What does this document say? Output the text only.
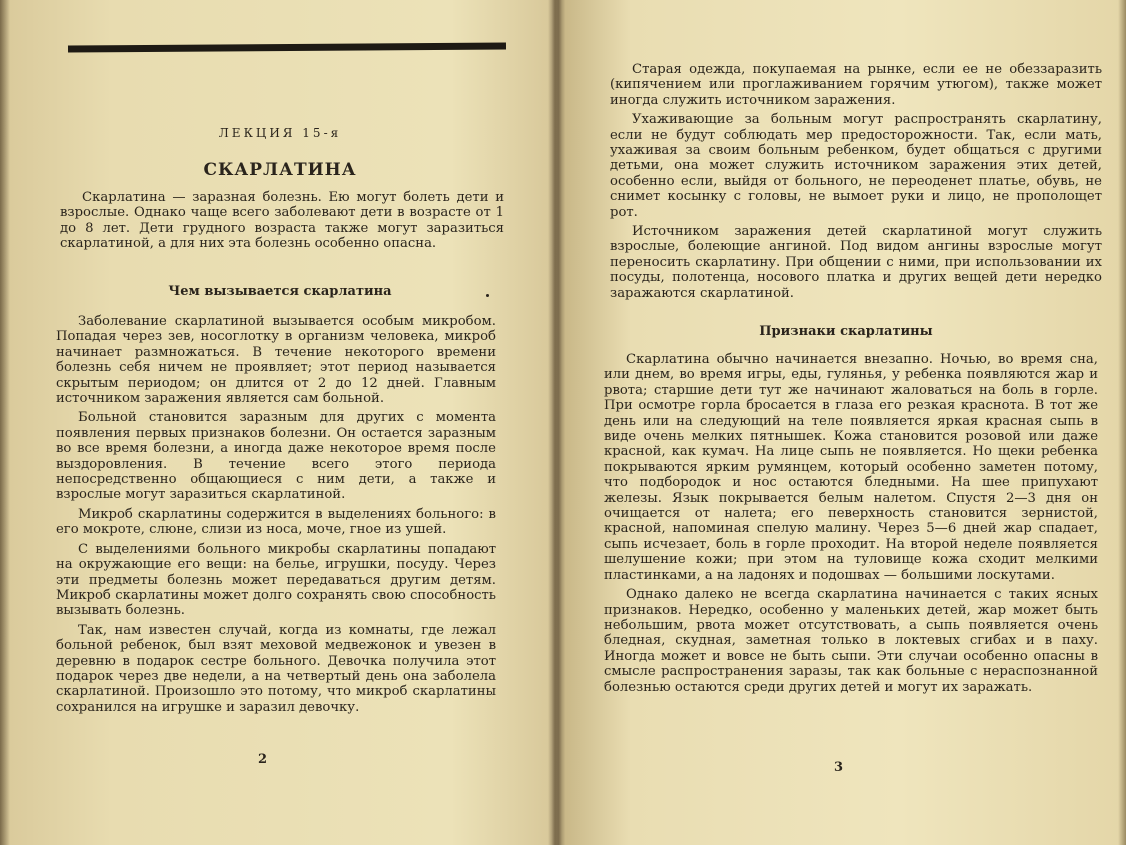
ЛЕКЦИЯ 15-я
СКАРЛАТИНА

Скарлатина — заразная болезнь. Ею могут болеть дети и взрослые. Однако чаще всего заболевают дети в возрасте от 1 до 8 лет. Дети грудного возраста также могут заразиться скарлатиной, а для них эта болезнь особенно опасна.

Чем вызывается скарлатина

Заболевание скарлатиной вызывается особым микробом. Попадая через зев, носоглотку в организм человека, микроб начинает размножаться. В течение некоторого времени болезнь себя ничем не проявляет; этот период называется скрытым периодом; он длится от 2 до 12 дней. Главным источником заражения является сам больной.

Больной становится заразным для других с момента появления первых признаков болезни. Он остается заразным во все время болезни, а иногда даже некоторое время после выздоровления. В течение всего этого периода непосредственно общающиеся с ним дети, а также и взрослые могут заразиться скарлатиной.

Микроб скарлатины содержится в выделениях больного: в его мокроте, слюне, слизи из носа, моче, гное из ушей.

С выделениями больного микробы скарлатины попадают на окружающие его вещи: на белье, игрушки, посуду. Через эти предметы болезнь может передаваться другим детям. Микроб скарлатины может долго сохранять свою способность вызывать болезнь.

Так, нам известен случай, когда из комнаты, где лежал больной ребенок, был взят меховой медвежонок и увезен в деревню в подарок сестре больного. Девочка получила этот подарок через две недели, а на четвертый день она заболела скарлатиной. Произошло это потому, что микроб скарлатины сохранился на игрушке и заразил девочку.

2

Старая одежда, покупаемая на рынке, если ее не обеззаразить (кипячением или проглаживанием горячим утюгом), также может иногда служить источником заражения.

Ухаживающие за больным могут распространять скарлатину, если не будут соблюдать мер предосторожности. Так, если мать, ухаживая за своим больным ребенком, будет общаться с другими детьми, она может служить источником заражения этих детей, особенно если, выйдя от больного, не переоденет платье, обувь, не снимет косынку с головы, не вымоет руки и лицо, не прополощет рот.

Источником заражения детей скарлатиной могут служить взрослые, болеющие ангиной. Под видом ангины взрослые могут переносить скарлатину. При общении с ними, при использовании их посуды, полотенца, носового платка и других вещей дети нередко заражаются скарлатиной.

Признаки скарлатины

Скарлатина обычно начинается внезапно. Ночью, во время сна, или днем, во время игры, еды, гулянья, у ребенка появляются жар и рвота; старшие дети тут же начинают жаловаться на боль в горле. При осмотре горла бросается в глаза его резкая краснота. В тот же день или на следующий на теле появляется яркая красная сыпь в виде очень мелких пятнышек. Кожа становится розовой или даже красной, как кумач. На лице сыпь не появляется. Но щеки ребенка покрываются ярким румянцем, который особенно заметен потому, что подбородок и нос остаются бледными. На шее припухают железы. Язык покрывается белым налетом. Спустя 2—3 дня он очищается от налета; его певерхность становится зернистой, красной, напоминая спелую малину. Через 5—6 дней жар спадает, сыпь исчезает, боль в горле проходит. На второй неделе появляется шелушение кожи; при этом на туловище кожа сходит мелкими пластинками, а на ладонях и подошвах — большими лоскутами.

Однако далеко не всегда скарлатина начинается с таких ясных признаков. Нередко, особенно у маленьких детей, жар может быть небольшим, рвота может отсутствовать, а сыпь появляется очень бледная, скудная, заметная только в локтевых сгибах и в паху. Иногда может и вовсе не быть сыпи. Эти случаи особенно опасны в смысле распространения заразы, так как больные с нераспознанной болезнью остаются среди других детей и могут их заражать.

3
